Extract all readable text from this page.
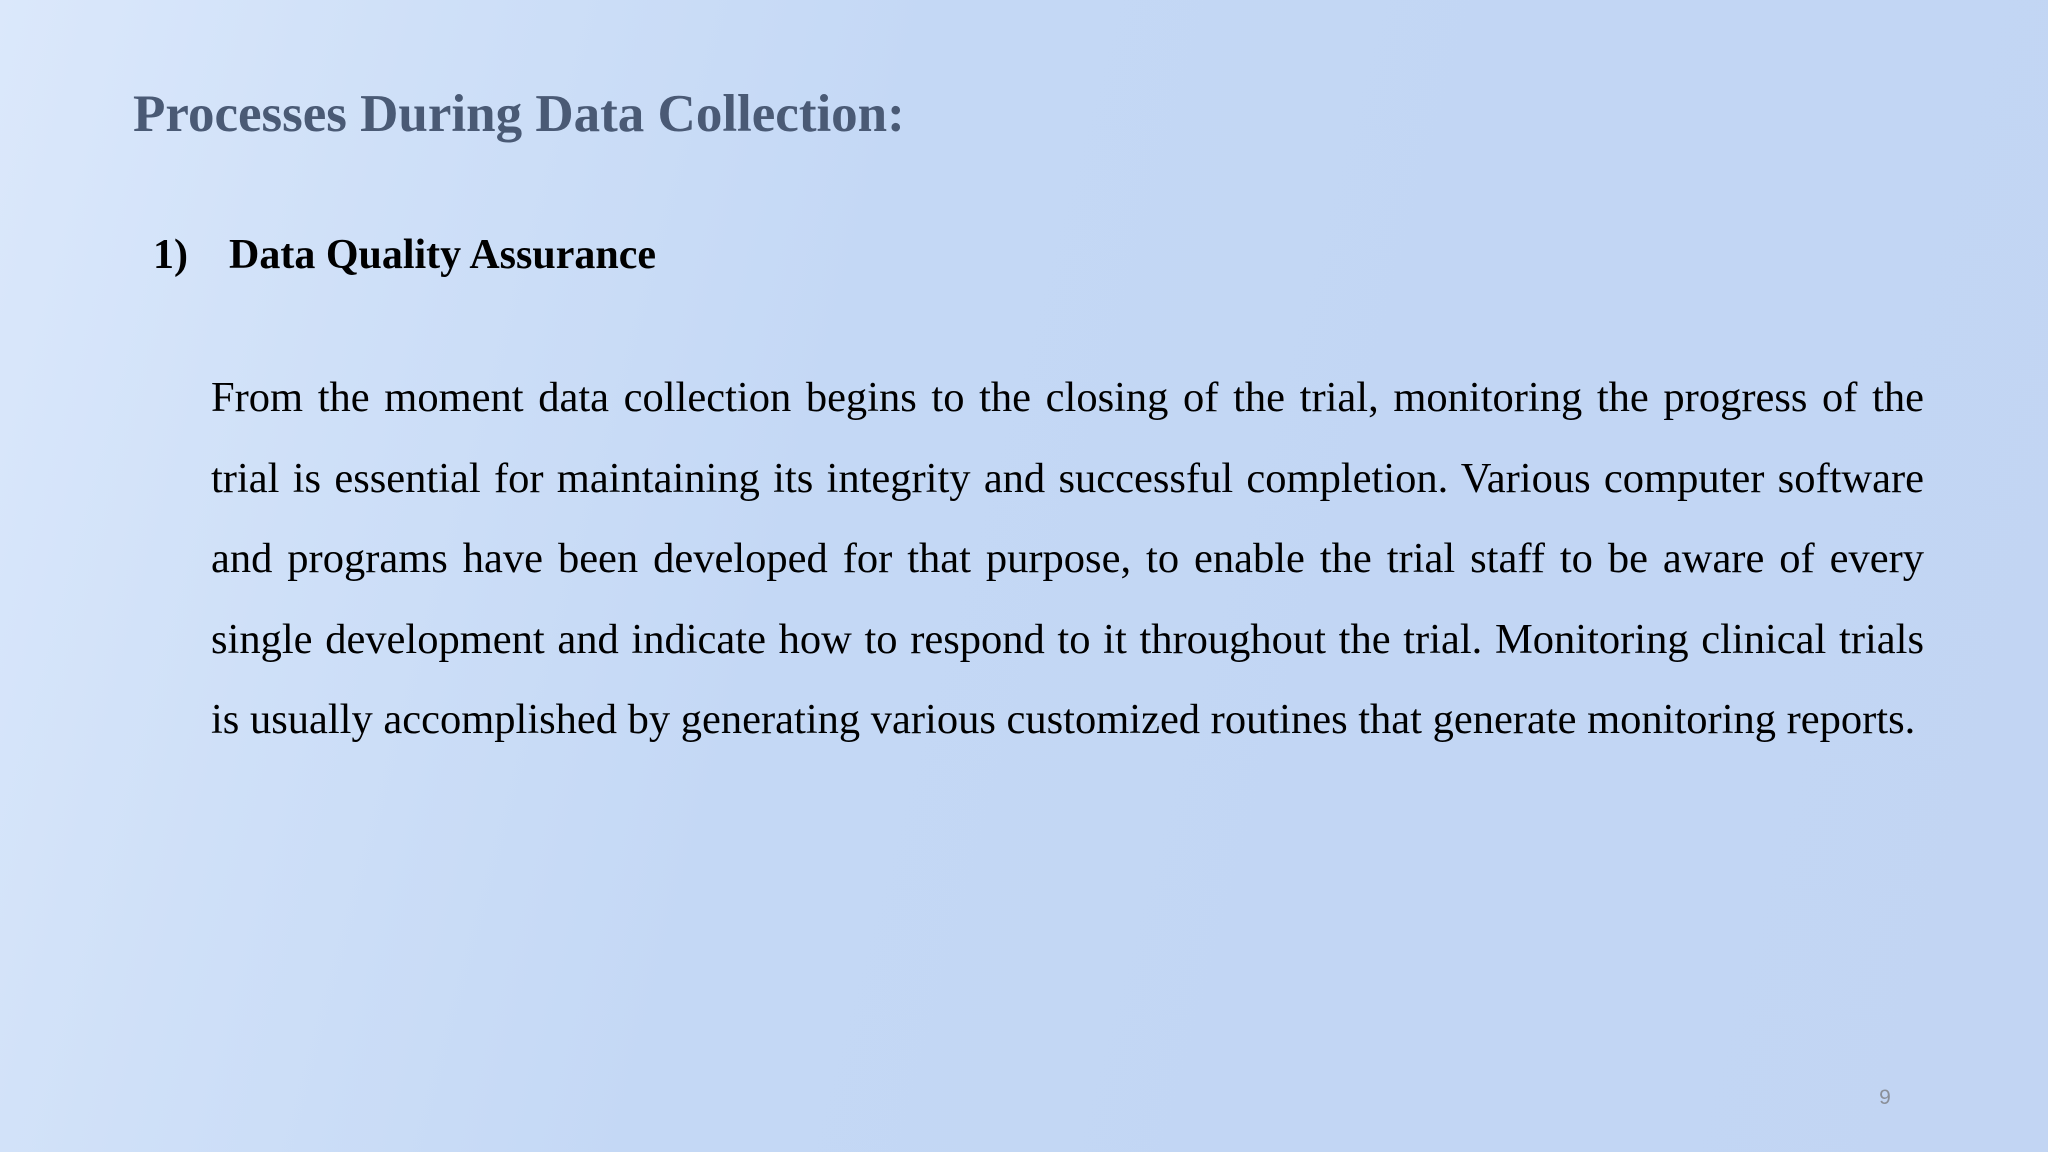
Processes During Data Collection:
1) Data Quality Assurance

From the moment data collection begins to the closing of the trial, monitoring the progress of the trial is essential for maintaining its integrity and successful completion. Various computer software and programs have been developed for that purpose, to enable the trial staff to be aware of every single development and indicate how to respond to it throughout the trial. Monitoring clinical trials is usually accomplished by generating various customized routines that generate monitoring reports.

9
